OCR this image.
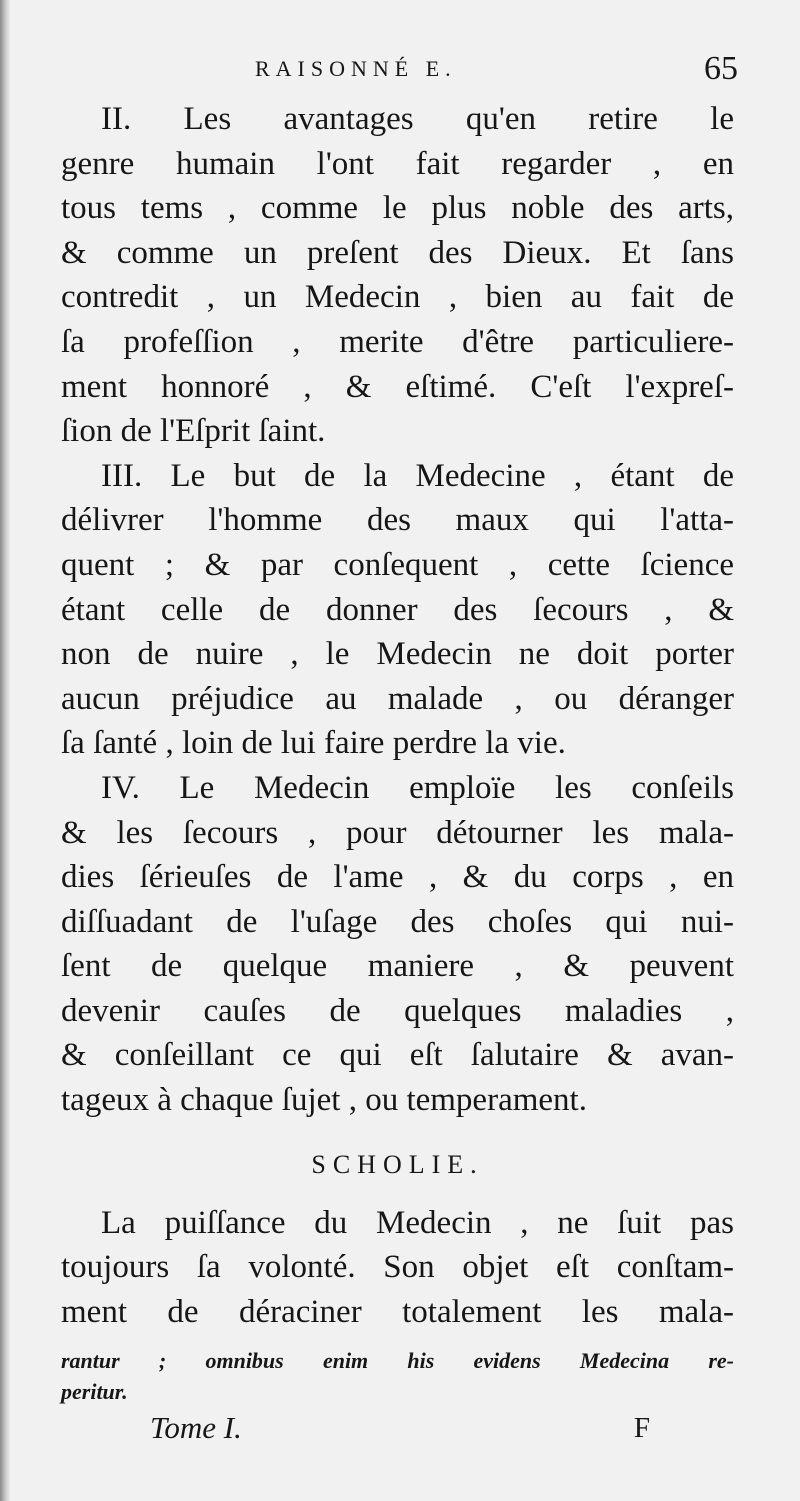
RAISONNÉ E.	65

II. Les avantages qu'en retire le
genre humain l'ont fait regarder , en
tous tems , comme le plus noble des arts,
& comme un preſent des Dieux. Et ſans
contredit , un Medecin , bien au fait de
ſa profeſſion , merite d'être particuliere-
ment honnoré , & eſtimé. C'eſt l'expreſ-
ſion de l'Eſprit ſaint.

III. Le but de la Medecine , étant de
délivrer l'homme des maux qui l'atta-
quent ; & par conſequent , cette ſcience
étant celle de donner des ſecours , &
non de nuire , le Medecin ne doit porter
aucun préjudice au malade , ou déranger
ſa ſanté , loin de lui faire perdre la vie.

IV. Le Medecin emploïe les conſeils
& les ſecours , pour détourner les mala-
dies ſérieuſes de l'ame , & du corps , en
diſſuadant de l'uſage des choſes qui nui-
ſent de quelque maniere , & peuvent
devenir cauſes de quelques maladies ,
& conſeillant ce qui eſt ſalutaire & avan-
tageux à chaque ſujet , ou temperament.

SCHOLIE.

La puiſſance du Medecin , ne ſuit pas
toujours ſa volonté. Son objet eſt conſtam-
ment de déraciner totalement les mala-

rantur ; omnibus enim his evidens Medecina re-
peritur.
Tome I.	F
